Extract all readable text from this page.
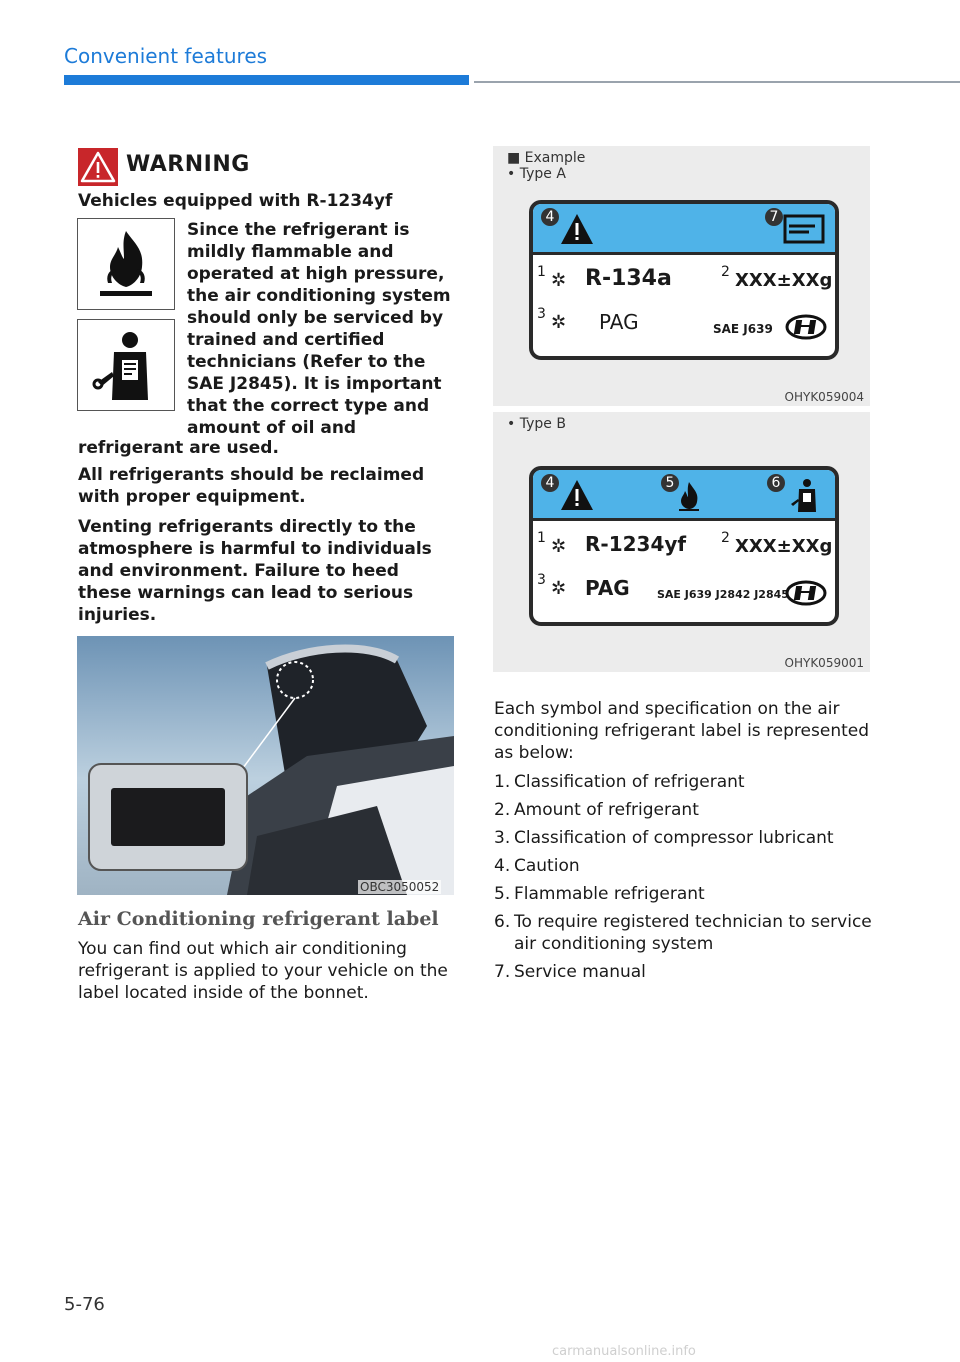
Convenient features
WARNING
Vehicles equipped with R-1234yf
Since the refrigerant is mildly flammable and operated at high pressure, the air conditioning system should only be serviced by trained and certified technicians (Refer to the SAE J2845). It is important that the correct type and amount of oil and
refrigerant are used.
All refrigerants should be reclaimed with proper equipment.
Venting refrigerants directly to the atmosphere is harmful to individuals and environment. Failure to heed these warnings can lead to serious injuries.
OBC3050052
Air Conditioning refrigerant label
You can find out which air conditioning refrigerant is applied to your vehicle on the label located inside of the bonnet.
■ Example
• Type A
4	7
1 ✲ R-134a	2 XXX±XXg
3 ✲ PAG	SAE J639
OHYK059004
• Type B
4	5	6
1 ✲ R-1234yf 2 XXX±XXg
3 ✲ PAG SAE J639 J2842 J2845
OHYK059001
Each symbol and specification on the air conditioning refrigerant label is represented as below:
1. Classification of refrigerant
2. Amount of refrigerant
3. Classification of compressor lubricant
4. Caution
5. Flammable refrigerant
6. To require registered technician to service air conditioning system
7. Service manual
5-76
carmanualsonline.info
